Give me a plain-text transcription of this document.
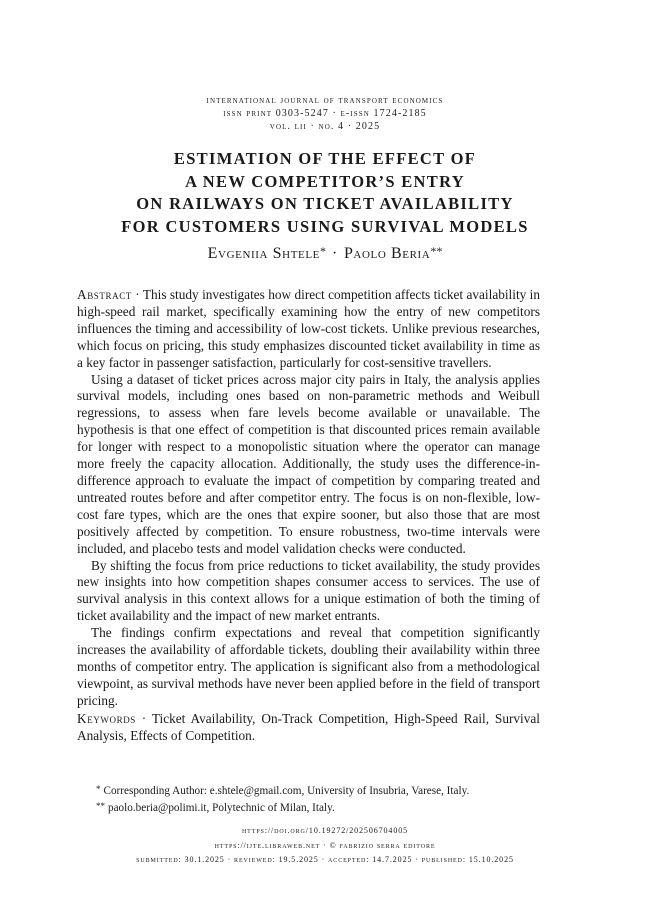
international journal of transport economics
issn print 0303-5247 · e-issn 1724-2185
vol. lii · no. 4 · 2025
ESTIMATION OF THE EFFECT OF
A NEW COMPETITOR’S ENTRY
ON RAILWAYS ON TICKET AVAILABILITY
FOR CUSTOMERS USING SURVIVAL MODELS
Evgeniia Shtele* · Paolo Beria**

Abstract · This study investigates how direct competition affects ticket availability in high-speed rail market, specifically examining how the entry of new competitors influences the timing and accessibility of low-cost tickets. Unlike previous researches, which focus on pricing, this study emphasizes discounted ticket availability in time as a key factor in passenger satisfaction, particularly for cost-sensitive travellers.

Using a dataset of ticket prices across major city pairs in Italy, the analysis applies survival models, including ones based on non-parametric methods and Weibull regressions, to assess when fare levels become available or unavailable. The hypothesis is that one effect of competition is that discounted prices remain available for longer with respect to a monopolistic situation where the operator can manage more freely the capacity allocation. Additionally, the study uses the difference-in-difference approach to evaluate the impact of competition by comparing treated and untreated routes before and after competitor entry. The focus is on non-flexible, low-cost fare types, which are the ones that expire sooner, but also those that are most positively affected by competition. To ensure robustness, two-time intervals were included, and placebo tests and model validation checks were conducted.

By shifting the focus from price reductions to ticket availability, the study provides new insights into how competition shapes consumer access to services. The use of survival analysis in this context allows for a unique estimation of both the timing of ticket availability and the impact of new market entrants.

The findings confirm expectations and reveal that competition significantly increases the availability of affordable tickets, doubling their availability within three months of competitor entry. The application is significant also from a methodological viewpoint, as survival methods have never been applied before in the field of transport pricing.

Keywords · Ticket Availability, On-Track Competition, High-Speed Rail, Survival Analysis, Effects of Competition.
* Corresponding Author: e.shtele@gmail.com, University of Insubria, Varese, Italy.
** paolo.beria@polimi.it, Polytechnic of Milan, Italy.
https://doi.org/10.19272/202506704005
https://ijte.libraweb.net · © fabrizio serra editore
submitted: 30.1.2025 · reviewed: 19.5.2025 · accepted: 14.7.2025 · published: 15.10.2025
